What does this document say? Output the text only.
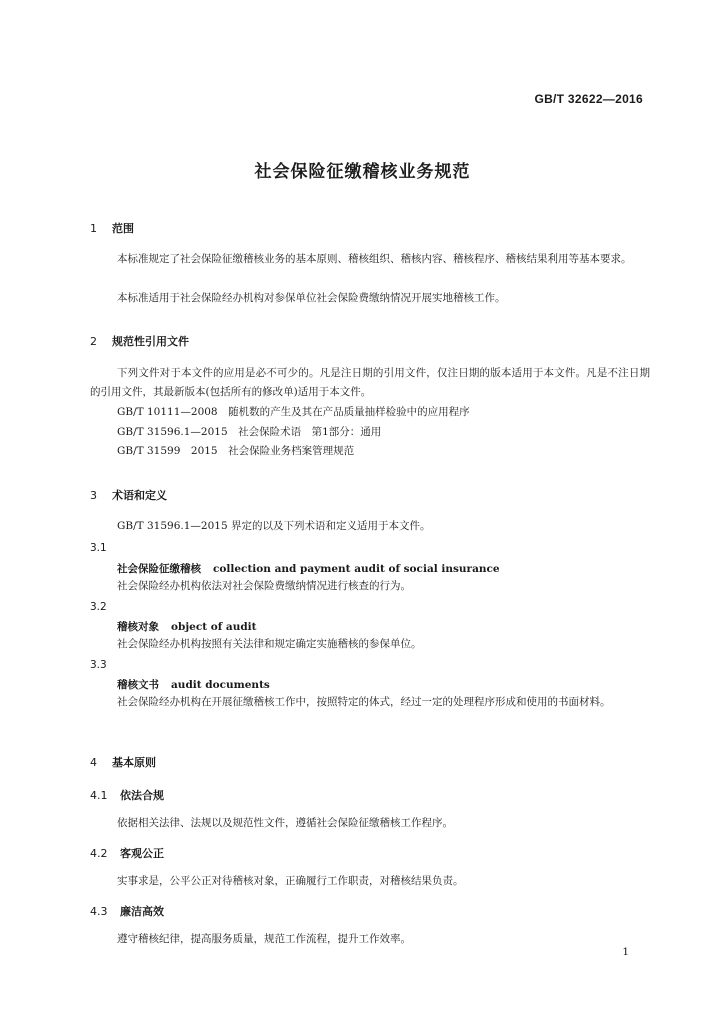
GB/T 32622—2016
社会保险征缴稽核业务规范
1 范围
本标准规定了社会保险征缴稽核业务的基本原则、稽核组织、稽核内容、稽核程序、稽核结果利用等基本要求。
本标准适用于社会保险经办机构对参保单位社会保险费缴纳情况开展实地稽核工作。
2 规范性引用文件
下列文件对于本文件的应用是必不可少的。凡是注日期的引用文件，仅注日期的版本适用于本文件。凡是不注日期的引用文件，其最新版本(包括所有的修改单)适用于本文件。
GB/T 10111—2008　随机数的产生及其在产品质量抽样检验中的应用程序
GB/T 31596.1—2015　社会保险术语　第1部分：通用
GB/T 31599　2015　社会保险业务档案管理规范
3 术语和定义
GB/T 31596.1—2015 界定的以及下列术语和定义适用于本文件。
3.1
社会保险征缴稽核 collection and payment audit of social insurance
社会保险经办机构依法对社会保险费缴纳情况进行核查的行为。
3.2
稽核对象 object of audit
社会保险经办机构按照有关法律和规定确定实施稽核的参保单位。
3.3
稽核文书 audit documents
社会保险经办机构在开展征缴稽核工作中，按照特定的体式，经过一定的处理程序形成和使用的书面材料。
4 基本原则
4.1 依法合规
依据相关法律、法规以及规范性文件，遵循社会保险征缴稽核工作程序。
4.2 客观公正
实事求是，公平公正对待稽核对象，正确履行工作职责，对稽核结果负责。
4.3 廉洁高效
遵守稽核纪律，提高服务质量，规范工作流程，提升工作效率。
1
